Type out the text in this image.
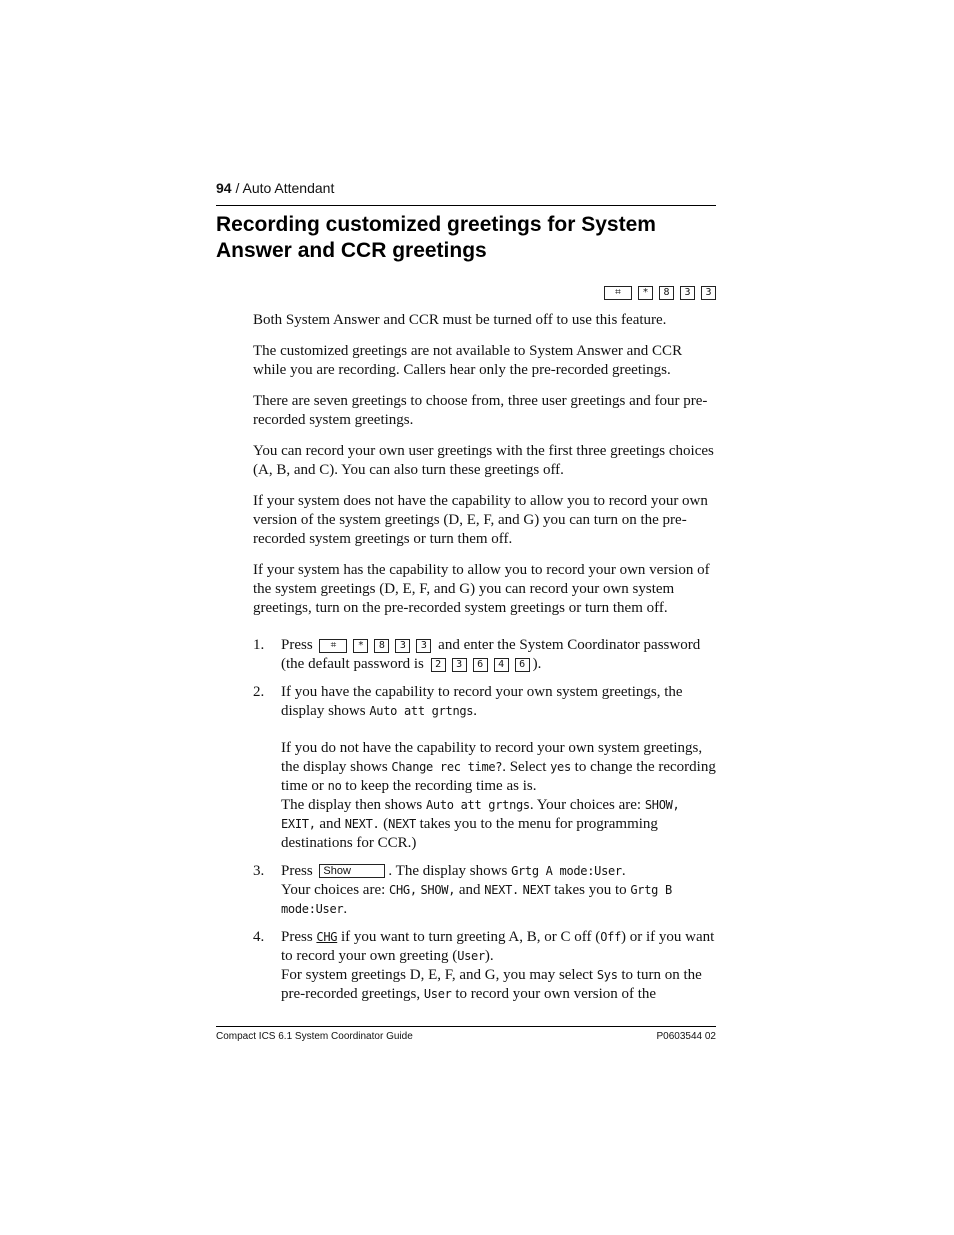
94 / Auto Attendant
Recording customized greetings for System Answer and CCR greetings
⌗ * 8 3 3

Both System Answer and CCR must be turned off to use this feature.

The customized greetings are not available to System Answer and CCR while you are recording. Callers hear only the pre-recorded greetings.

There are seven greetings to choose from, three user greetings and four pre-recorded system greetings.

You can record your own user greetings with the first three greetings choices (A, B, and C). You can also turn these greetings off.

If your system does not have the capability to allow you to record your own version of the system greetings (D, E, F, and G) you can turn on the pre-recorded system greetings or turn them off.

If your system has the capability to allow you to record your own version of the system greetings (D, E, F, and G) you can record your own system greetings, turn on the pre-recorded system greetings or turn them off.

1. Press ⌗ * 8 3 3 and enter the System Coordinator password (the default password is 2 3 6 4 6 ).
2. If you have the capability to record your own system greetings, the display shows Auto att grtngs.
If you do not have the capability to record your own system greetings, the display shows Change rec time?. Select yes to change the recording time or no to keep the recording time as is.
The display then shows Auto att grtngs. Your choices are: SHOW, EXIT, and NEXT. (NEXT takes you to the menu for programming destinations for CCR.)
3. Press Show . The display shows Grtg A mode:User.
Your choices are: CHG, SHOW, and NEXT. NEXT takes you to Grtg B mode:User.
4. Press CHG if you want to turn greeting A, B, or C off (Off) or if you want to record your own greeting (User).
For system greetings D, E, F, and G, you may select Sys to turn on the pre-recorded greetings, User to record your own version of the
Compact ICS 6.1 System Coordinator Guide	P0603544 02
